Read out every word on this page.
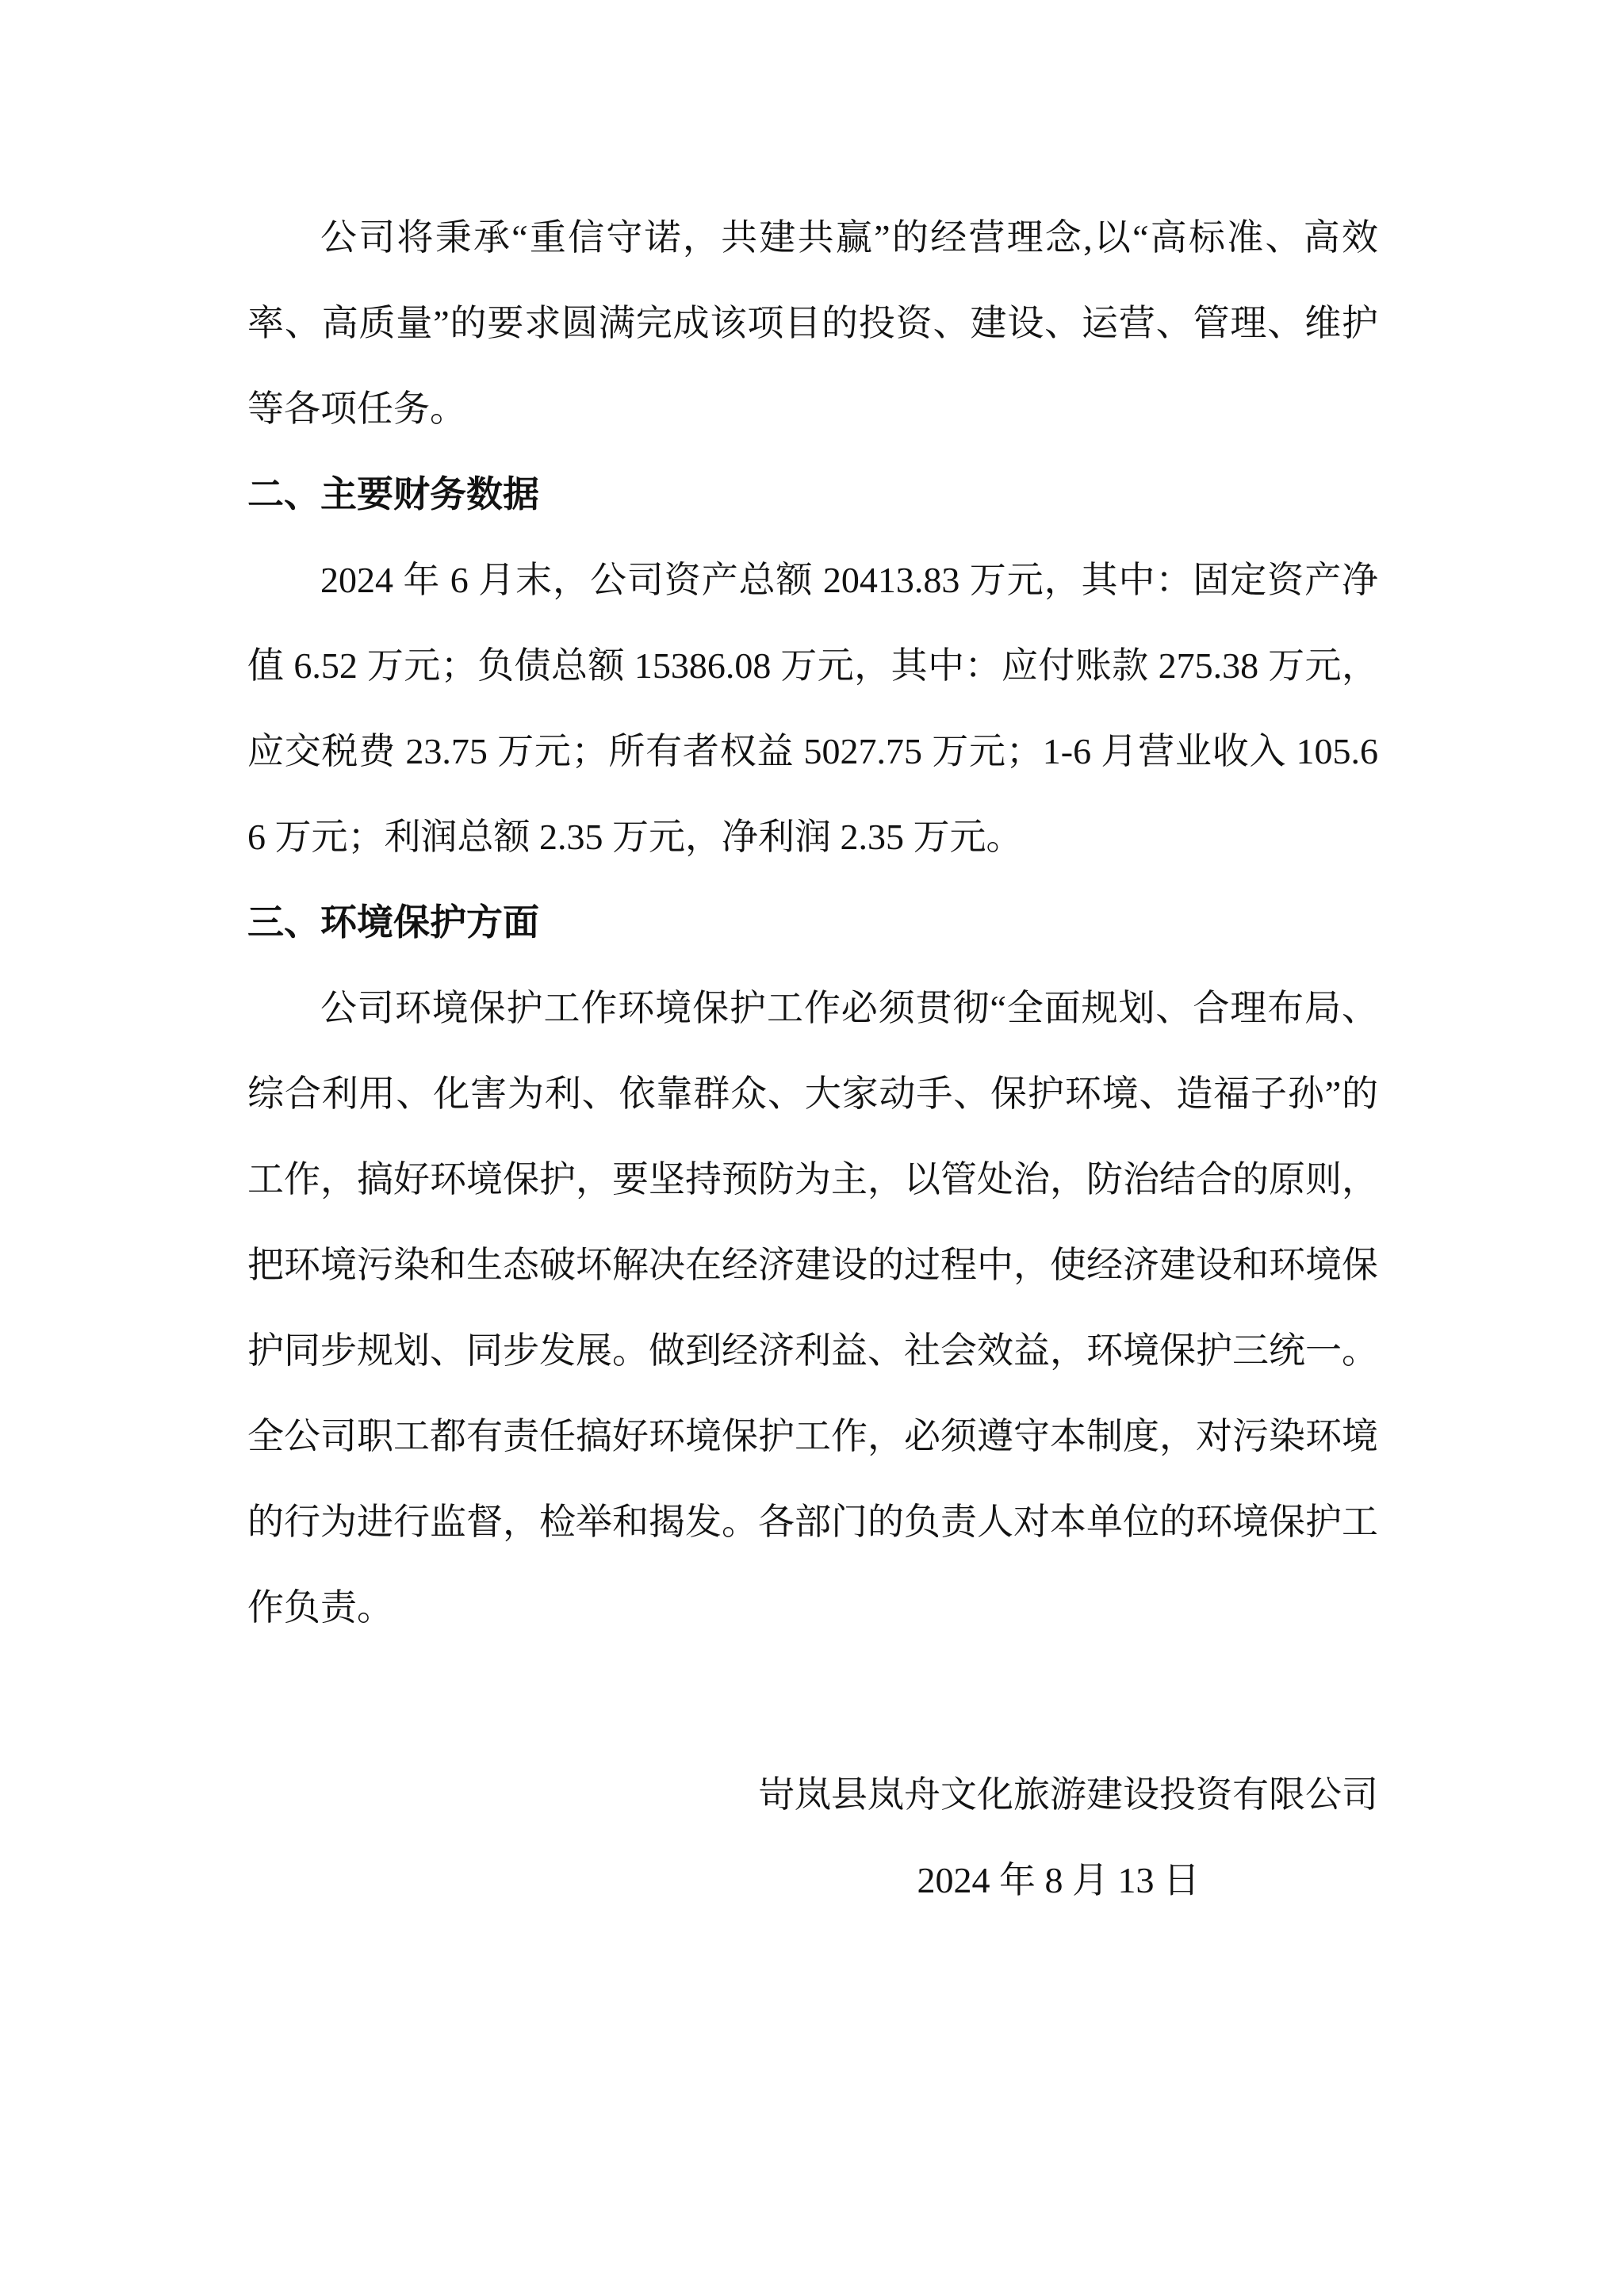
公司将秉承“重信守诺，共建共赢”的经营理念,以“高标准、高效率、高质量”的要求圆满完成该项目的投资、建设、运营、管理、维护等各项任务。

二、主要财务数据

2024 年 6 月末，公司资产总额 20413.83 万元，其中：固定资产净值 6.52 万元；负债总额 15386.08 万元，其中：应付账款 275.38 万元，应交税费 23.75 万元；所有者权益 5027.75 万元；1-6 月营业收入 105.66 万元；利润总额 2.35 万元，净利润 2.35 万元。

三、环境保护方面

公司环境保护工作环境保护工作必须贯彻“全面规划、合理布局、综合利用、化害为利、依靠群众、大家动手、保护环境、造福子孙”的工作，搞好环境保护，要坚持预防为主，以管处治，防治结合的原则，把环境污染和生态破坏解决在经济建设的过程中，使经济建设和环境保护同步规划、同步发展。做到经济利益、社会效益，环境保护三统一。全公司职工都有责任搞好环境保护工作，必须遵守本制度，对污染环境的行为进行监督，检举和揭发。各部门的负责人对本单位的环境保护工作负责。

岢岚县岚舟文化旅游建设投资有限公司
2024 年 8 月 13 日
